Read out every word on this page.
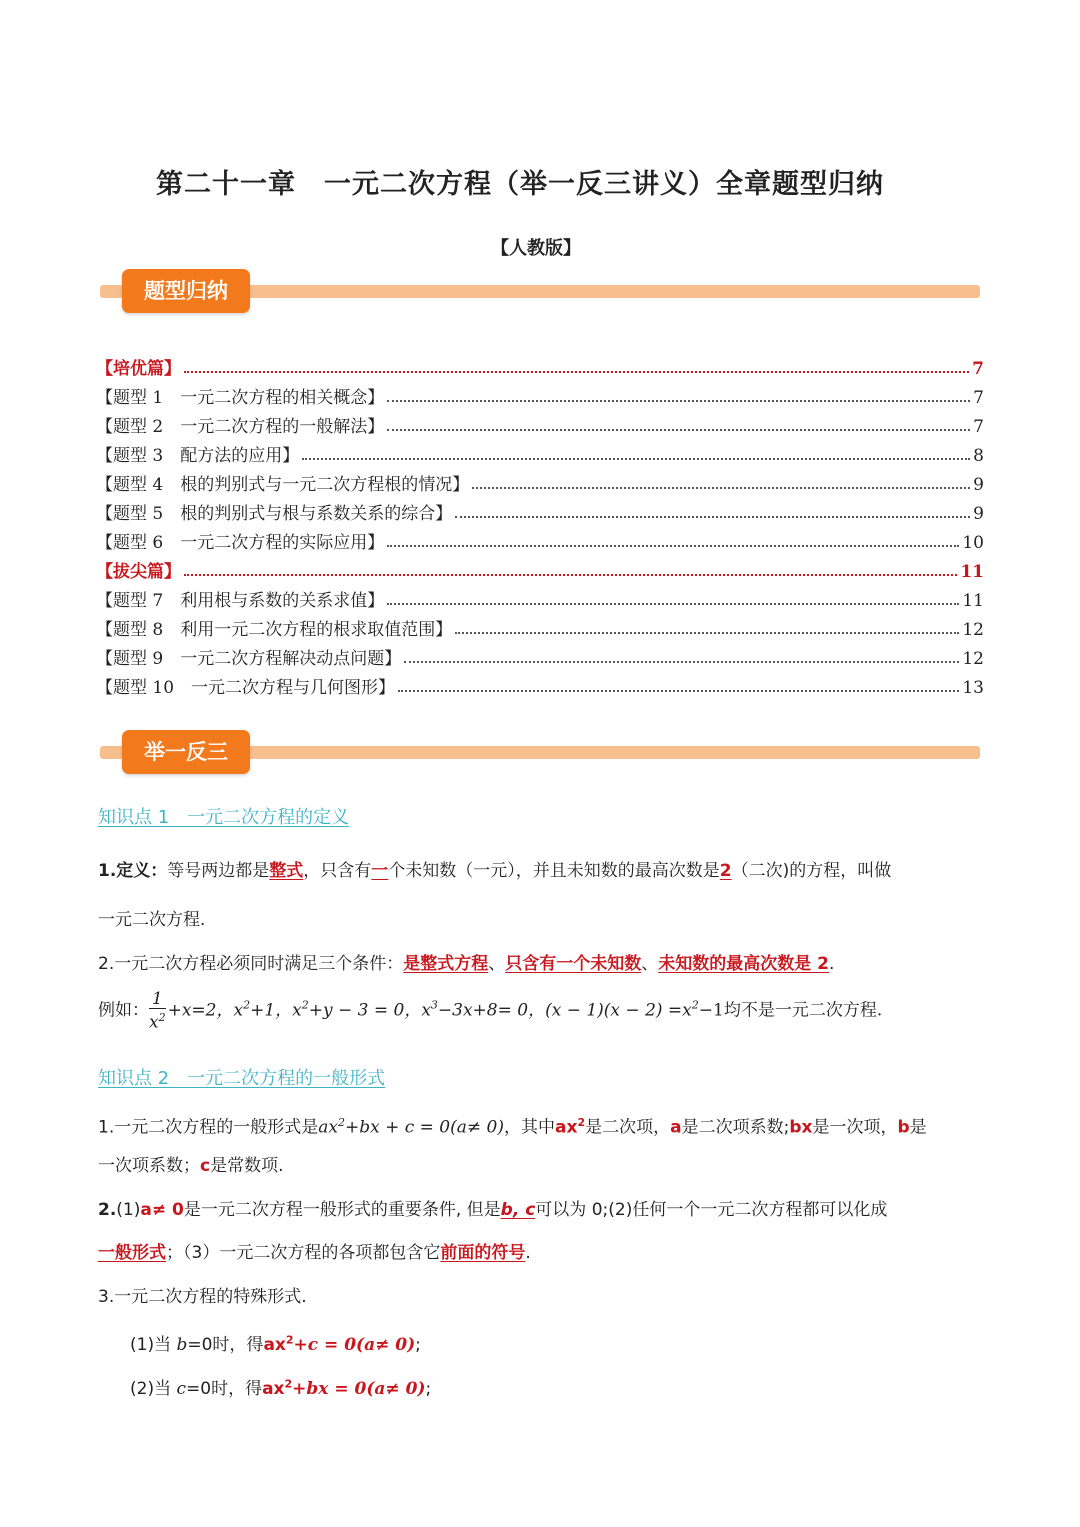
第二十一章　一元二次方程（举一反三讲义）全章题型归纳
【人教版】
题型归纳
【培优篇】	7
【题型 1　一元二次方程的相关概念】	7
【题型 2　一元二次方程的一般解法】	7
【题型 3　配方法的应用】	8
【题型 4　根的判别式与一元二次方程根的情况】	9
【题型 5　根的判别式与根与系数关系的综合】	9
【题型 6　一元二次方程的实际应用】	10
【拔尖篇】	11
【题型 7　利用根与系数的关系求值】	11
【题型 8　利用一元二次方程的根求取值范围】	12
【题型 9　一元二次方程解决动点问题】	12
【题型 10　一元二次方程与几何图形】	13
举一反三
知识点 1　一元二次方程的定义
1.定义：等号两边都是整式，只含有一个未知数（一元），并且未知数的最高次数是2（二次)的方程，叫做
一元二次方程.
2.一元二次方程必须同时满足三个条件：是整式方程、只含有一个未知数、未知数的最高次数是 2.
例如： $\frac{1}{x^2} +x=2$，$x^2+1$，$x^2+y - 3 = 0$，$x^3-3x+8= 0$，$(x - 1)(x - 2) =x^2-1$均不是一元二次方程.
知识点 2　一元二次方程的一般形式
1.一元二次方程的一般形式是$ax^2+bx + c = 0(a\ne 0)$，其中$ax^2$是二次项，a是二次项系数;bx是一次项，b是
一次项系数；c是常数项.
2.(1)a≠ 0是一元二次方程一般形式的重要条件, 但是b, c可以为 0;(2)任何一个一元二次方程都可以化成
一般形式；（3）一元二次方程的各项都包含它前面的符号.
3.一元二次方程的特殊形式.
(1)当 b=0时，得$ax^2+c = 0(a\ne 0)$;
(2)当 c=0时，得$ax^2+bx = 0(a\ne 0)$;
